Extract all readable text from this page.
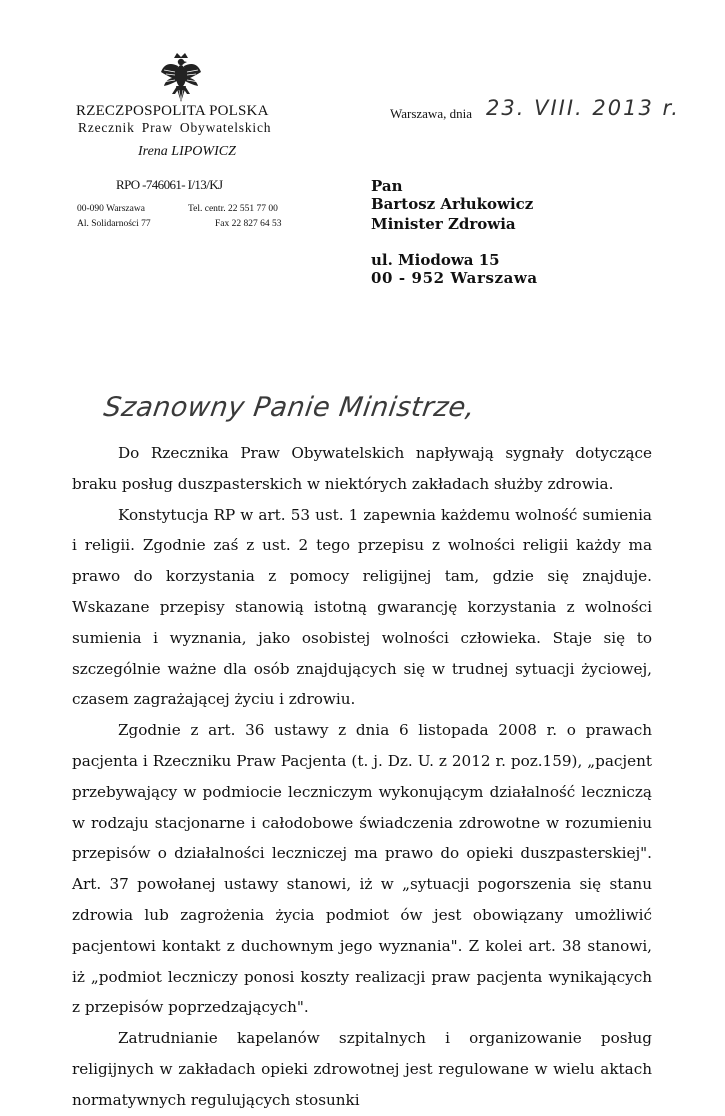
RZECZPOSPOLITA POLSKA
Rzecznik Praw Obywatelskich
Irena LIPOWICZ
RPO -746061- I/13/KJ
00-090 Warszawa
Al. Solidarności 77
Tel. centr. 22 551 77 00
Fax 22 827 64 53
Warszawa, dnia 23. VIII. 2013 r.
Pan
Bartosz Arłukowicz
Minister Zdrowia
ul. Miodowa 15
00 - 952 Warszawa
Szanowny Panie Ministrze,

Do Rzecznika Praw Obywatelskich napływają sygnały dotyczące braku posług duszpasterskich w niektórych zakładach służby zdrowia.

Konstytucja RP w art. 53 ust. 1 zapewnia każdemu wolność sumienia i religii. Zgodnie zaś z ust. 2 tego przepisu z wolności religii każdy ma prawo do korzystania z pomocy religijnej tam, gdzie się znajduje. Wskazane przepisy stanowią istotną gwarancję korzystania z wolności sumienia i wyznania, jako osobistej wolności człowieka. Staje się to szczególnie ważne dla osób znajdujących się w trudnej sytuacji życiowej, czasem zagrażającej życiu i zdrowiu.

Zgodnie z art. 36 ustawy z dnia 6 listopada 2008 r. o prawach pacjenta i Rzeczniku Praw Pacjenta (t. j. Dz. U. z 2012 r. poz.159), „pacjent przebywający w podmiocie leczniczym wykonującym działalność leczniczą w rodzaju stacjonarne i całodobowe świadczenia zdrowotne w rozumieniu przepisów o działalności leczniczej ma prawo do opieki duszpasterskiej". Art. 37 powołanej ustawy stanowi, iż w „sytuacji pogorszenia się stanu zdrowia lub zagrożenia życia podmiot ów jest obowiązany umożliwić pacjentowi kontakt z duchownym jego wyznania". Z kolei art. 38 stanowi, iż „podmiot leczniczy ponosi koszty realizacji praw pacjenta wynikających z przepisów poprzedzających".

Zatrudnianie kapelanów szpitalnych i organizowanie posług religijnych w zakładach opieki zdrowotnej jest regulowane w wielu aktach normatywnych regulujących stosunki
